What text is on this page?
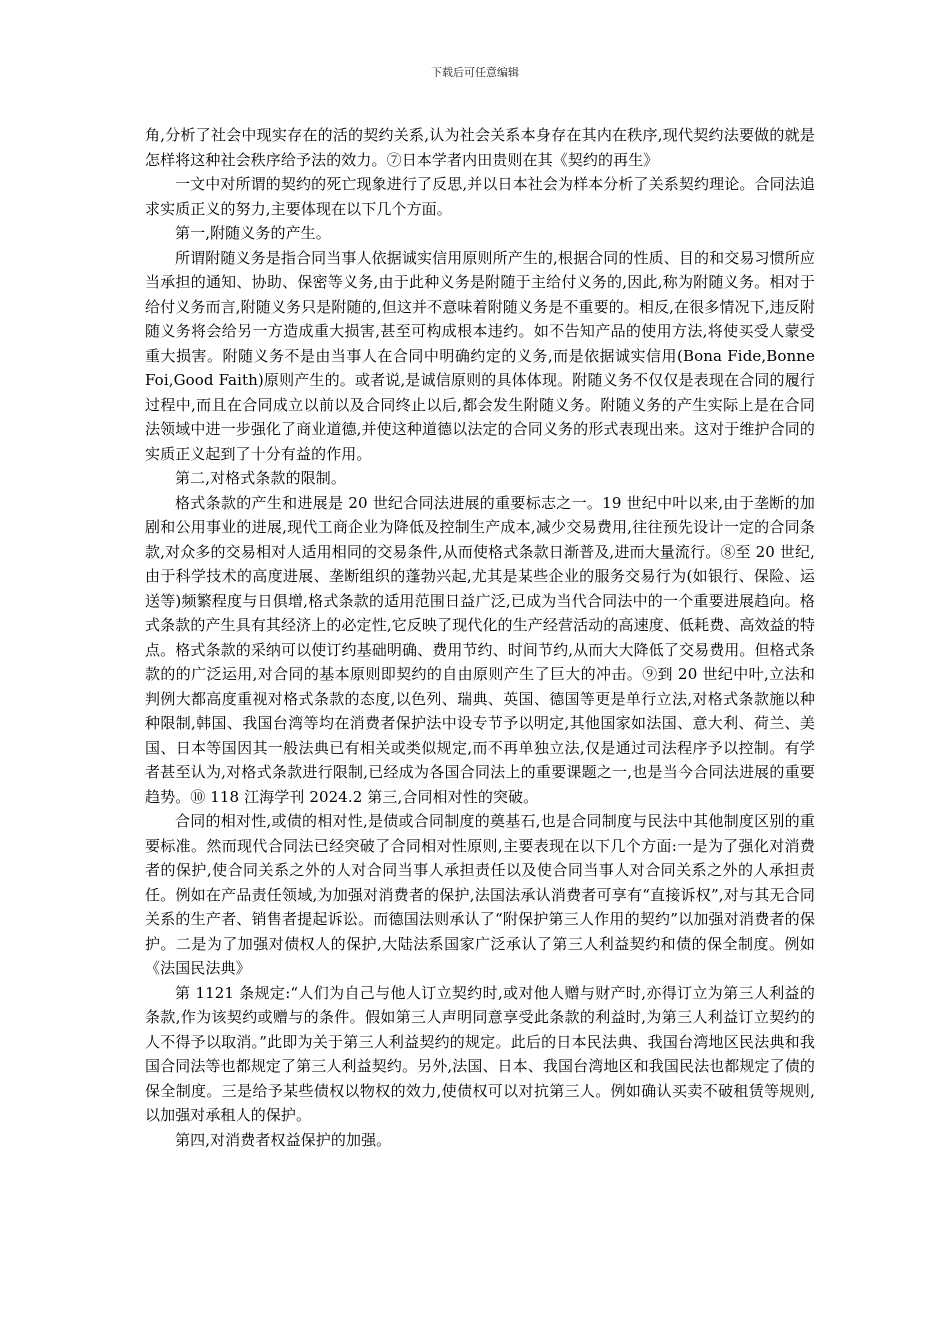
下载后可任意编辑

角,分析了社会中现实存在的活的契约关系,认为社会关系本身存在其内在秩序,现代契约法要做的就是怎样将这种社会秩序给予法的效力。⑦日本学者内田贵则在其《契约的再生》

一文中对所谓的契约的死亡现象进行了反思,并以日本社会为样本分析了关系契约理论。合同法追求实质正义的努力,主要体现在以下几个方面。

第一,附随义务的产生。

所谓附随义务是指合同当事人依据诚实信用原则所产生的,根据合同的性质、目的和交易习惯所应当承担的通知、协助、保密等义务,由于此种义务是附随于主给付义务的,因此,称为附随义务。相对于给付义务而言,附随义务只是附随的,但这并不意味着附随义务是不重要的。相反,在很多情况下,违反附随义务将会给另一方造成重大损害,甚至可构成根本违约。如不告知产品的使用方法,将使买受人蒙受重大损害。附随义务不是由当事人在合同中明确约定的义务,而是依据诚实信用(Bona Fide,Bonne Foi,Good Faith)原则产生的。或者说,是诚信原则的具体体现。附随义务不仅仅是表现在合同的履行过程中,而且在合同成立以前以及合同终止以后,都会发生附随义务。附随义务的产生实际上是在合同法领域中进一步强化了商业道德,并使这种道德以法定的合同义务的形式表现出来。这对于维护合同的实质正义起到了十分有益的作用。

第二,对格式条款的限制。

格式条款的产生和进展是 20 世纪合同法进展的重要标志之一。19 世纪中叶以来,由于垄断的加剧和公用事业的进展,现代工商企业为降低及控制生产成本,减少交易费用,往往预先设计一定的合同条款,对众多的交易相对人适用相同的交易条件,从而使格式条款日渐普及,进而大量流行。⑧至 20 世纪,由于科学技术的高度进展、垄断组织的蓬勃兴起,尤其是某些企业的服务交易行为(如银行、保险、运送等)频繁程度与日俱增,格式条款的适用范围日益广泛,已成为当代合同法中的一个重要进展趋向。格式条款的产生具有其经济上的必定性,它反映了现代化的生产经营活动的高速度、低耗费、高效益的特点。格式条款的采纳可以使订约基础明确、费用节约、时间节约,从而大大降低了交易费用。但格式条款的的广泛运用,对合同的基本原则即契约的自由原则产生了巨大的冲击。⑨到 20 世纪中叶,立法和判例大都高度重视对格式条款的态度,以色列、瑞典、英国、德国等更是单行立法,对格式条款施以种种限制,韩国、我国台湾等均在消费者保护法中设专节予以明定,其他国家如法国、意大利、荷兰、美国、日本等国因其一般法典已有相关或类似规定,而不再单独立法,仅是通过司法程序予以控制。有学者甚至认为,对格式条款进行限制,已经成为各国合同法上的重要课题之一,也是当今合同法进展的重要趋势。⑩ 118 江海学刊 2024.2 第三,合同相对性的突破。

合同的相对性,或债的相对性,是债或合同制度的奠基石,也是合同制度与民法中其他制度区别的重要标准。然而现代合同法已经突破了合同相对性原则,主要表现在以下几个方面:一是为了强化对消费者的保护,使合同关系之外的人对合同当事人承担责任以及使合同当事人对合同关系之外的人承担责任。例如在产品责任领域,为加强对消费者的保护,法国法承认消费者可享有“直接诉权”,对与其无合同关系的生产者、销售者提起诉讼。而德国法则承认了“附保护第三人作用的契约”以加强对消费者的保护。二是为了加强对债权人的保护,大陆法系国家广泛承认了第三人利益契约和债的保全制度。例如《法国民法典》

第 1121 条规定:“人们为自己与他人订立契约时,或对他人赠与财产时,亦得订立为第三人利益的条款,作为该契约或赠与的条件。假如第三人声明同意享受此条款的利益时,为第三人利益订立契约的人不得予以取消。”此即为关于第三人利益契约的规定。此后的日本民法典、我国台湾地区民法典和我国合同法等也都规定了第三人利益契约。另外,法国、日本、我国台湾地区和我国民法也都规定了债的保全制度。三是给予某些债权以物权的效力,使债权可以对抗第三人。例如确认买卖不破租赁等规则,以加强对承租人的保护。

第四,对消费者权益保护的加强。
